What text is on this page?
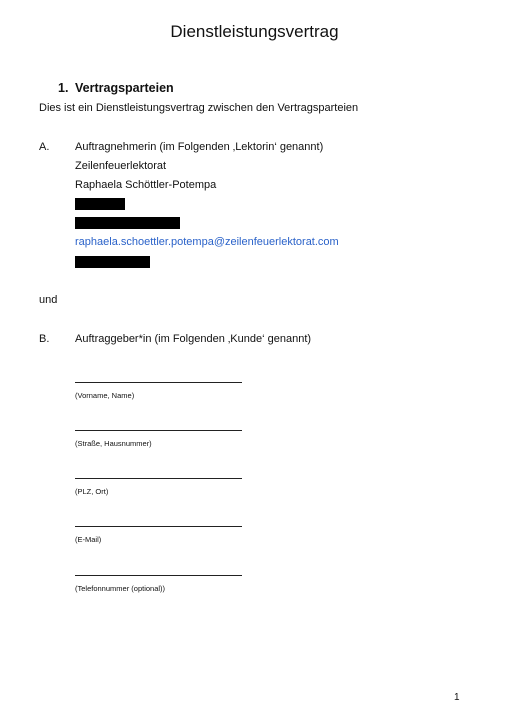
Dienstleistungsvertrag
1. Vertragsparteien
Dies ist ein Dienstleistungsvertrag zwischen den Vertragsparteien
A. Auftragnehmerin (im Folgenden ‚Lektorin‘ genannt)
Zeilenfeuerlektorat
Raphaela Schöttler-Potempa
raphaela.schoettler.potempa@zeilenfeuerlektorat.com
und
B. Auftraggeber*in (im Folgenden ‚Kunde‘ genannt)
(Vorname, Name)
(Straße, Hausnummer)
(PLZ, Ort)
(E-Mail)
(Telefonnummer (optional))
1
